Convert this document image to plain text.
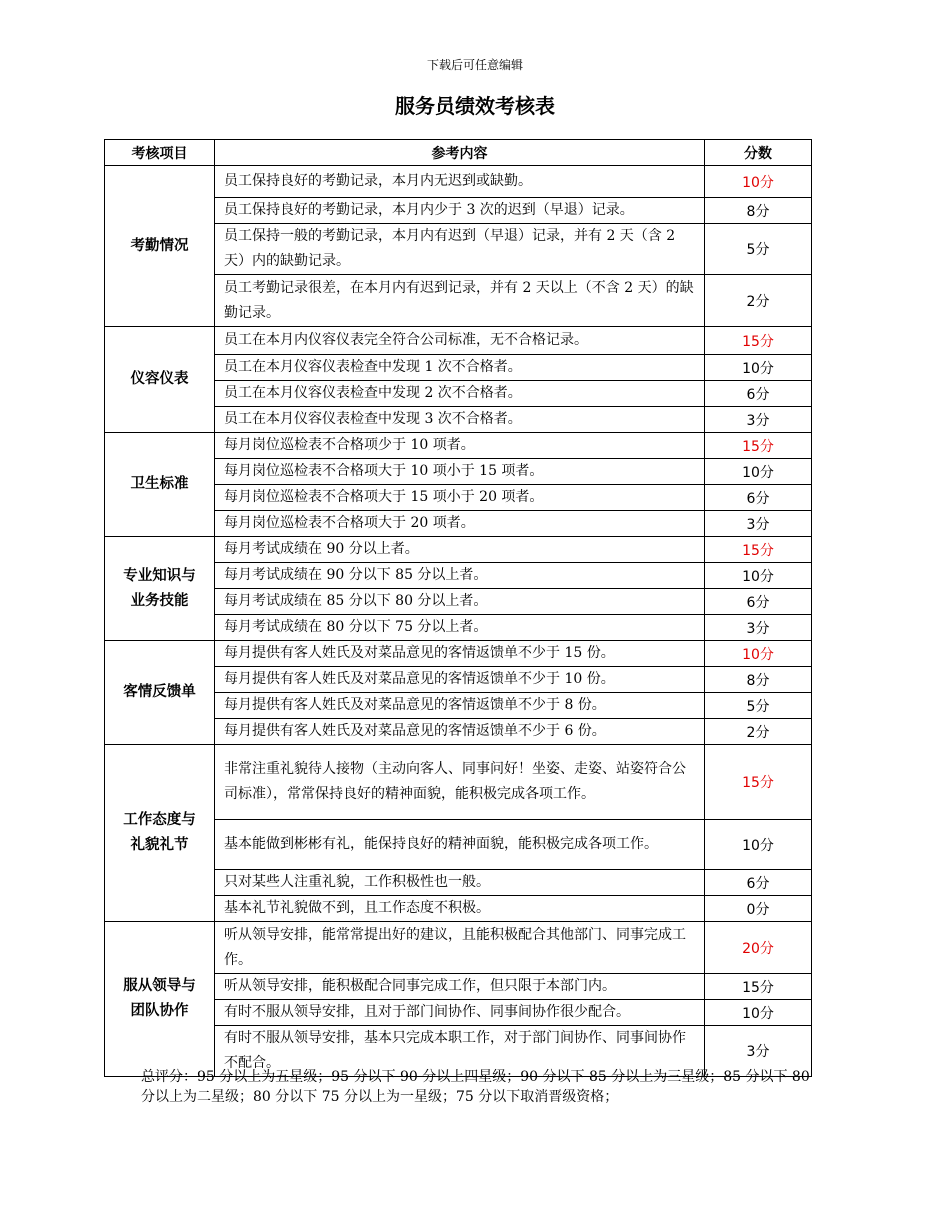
下载后可任意编辑
服务员绩效考核表
考核项目	参考内容	分数

考勤情况	员工保持良好的考勤记录，本月内无迟到或缺勤。	10分
	员工保持良好的考勤记录，本月内少于 3 次的迟到（早退）记录。	8分
	员工保持一般的考勤记录，本月内有迟到（早退）记录，并有 2 天（含 2 天）内的缺勤记录。	5分
	员工考勤记录很差，在本月内有迟到记录，并有 2 天以上（不含 2 天）的缺勤记录。	2分

仪容仪表	员工在本月内仪容仪表完全符合公司标准，无不合格记录。	15分
	员工在本月仪容仪表检查中发现 1 次不合格者。	10分
	员工在本月仪容仪表检查中发现 2 次不合格者。	6分
	员工在本月仪容仪表检查中发现 3 次不合格者。	3分

卫生标准	每月岗位巡检表不合格项少于 10 项者。	15分
	每月岗位巡检表不合格项大于 10 项小于 15 项者。	10分
	每月岗位巡检表不合格项大于 15 项小于 20 项者。	6分
	每月岗位巡检表不合格项大于 20 项者。	3分

专业知识与
业务技能	每月考试成绩在 90 分以上者。	15分
	每月考试成绩在 90 分以下 85 分以上者。	10分
	每月考试成绩在 85 分以下 80 分以上者。	6分
	每月考试成绩在 80 分以下 75 分以上者。	3分

客情反馈单	每月提供有客人姓氏及对菜品意见的客情返馈单不少于 15 份。	10分
	每月提供有客人姓氏及对菜品意见的客情返馈单不少于 10 份。	8分
	每月提供有客人姓氏及对菜品意见的客情返馈单不少于 8 份。	5分
	每月提供有客人姓氏及对菜品意见的客情返馈单不少于 6 份。	2分

工作态度与
礼貌礼节	非常注重礼貌待人接物（主动向客人、同事问好！坐姿、走姿、站姿符合公司标准），常常保持良好的精神面貌，能积极完成各项工作。	15分
	基本能做到彬彬有礼，能保持良好的精神面貌，能积极完成各项工作。	10分
	只对某些人注重礼貌，工作积极性也一般。	6分
	基本礼节礼貌做不到，且工作态度不积极。	0分

服从领导与
团队协作	听从领导安排，能常常提出好的建议，且能积极配合其他部门、同事完成工作。	20分
	听从领导安排，能积极配合同事完成工作，但只限于本部门内。	15分
	有时不服从领导安排，且对于部门间协作、同事间协作很少配合。	10分
	有时不服从领导安排，基本只完成本职工作，对于部门间协作、同事间协作不配合。	3分
总评分：95 分以上为五星级；95 分以下 90 分以上四星级；90 分以下 85 分以上为三星级；85 分以下 80 分以上为二星级；80 分以下 75 分以上为一星级；75 分以下取消晋级资格；
